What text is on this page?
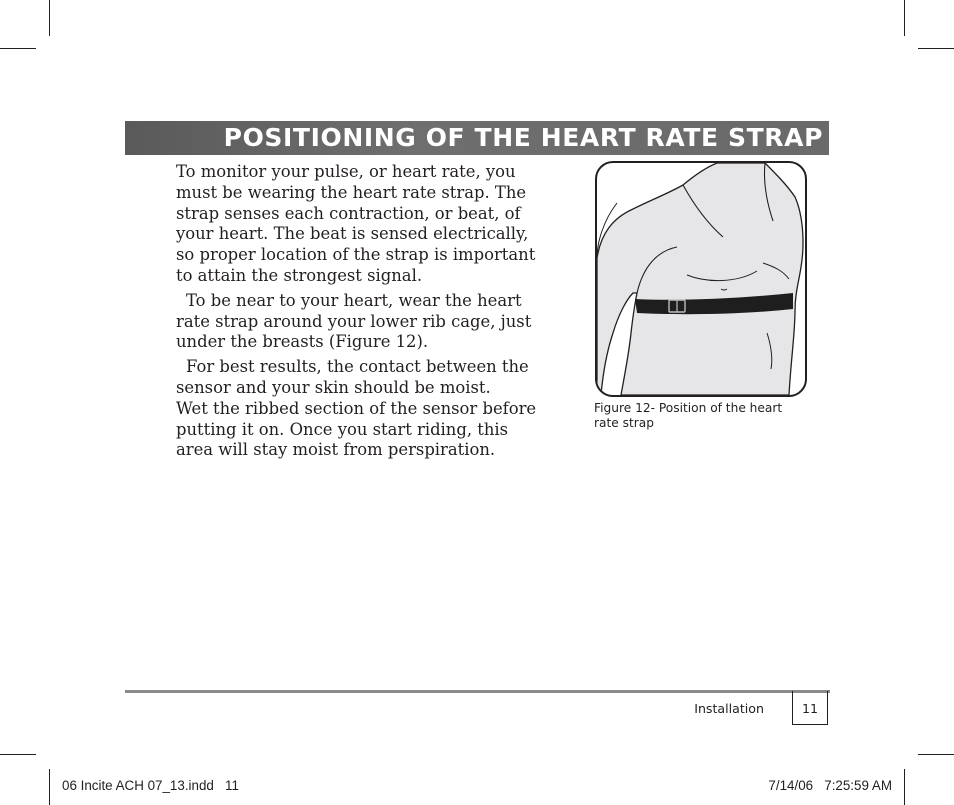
POSITIONING OF THE HEART RATE STRAP

To monitor your pulse, or heart rate, you
must be wearing the heart rate strap. The
strap senses each contraction, or beat, of
your heart. The beat is sensed electrically,
so proper location of the strap is important
to attain the strongest signal.

To be near to your heart, wear the heart
rate strap around your lower rib cage, just
under the breasts (Figure 12).

For best results, the contact between the
sensor and your skin should be moist.
Wet the ribbed section of the sensor before
putting it on. Once you start riding, this
area will stay moist from perspiration.

Figure 12- Position of the heart
rate strap
Installation	11
06 Incite ACH 07_13.indd   11	7/14/06   7:25:59 AM
